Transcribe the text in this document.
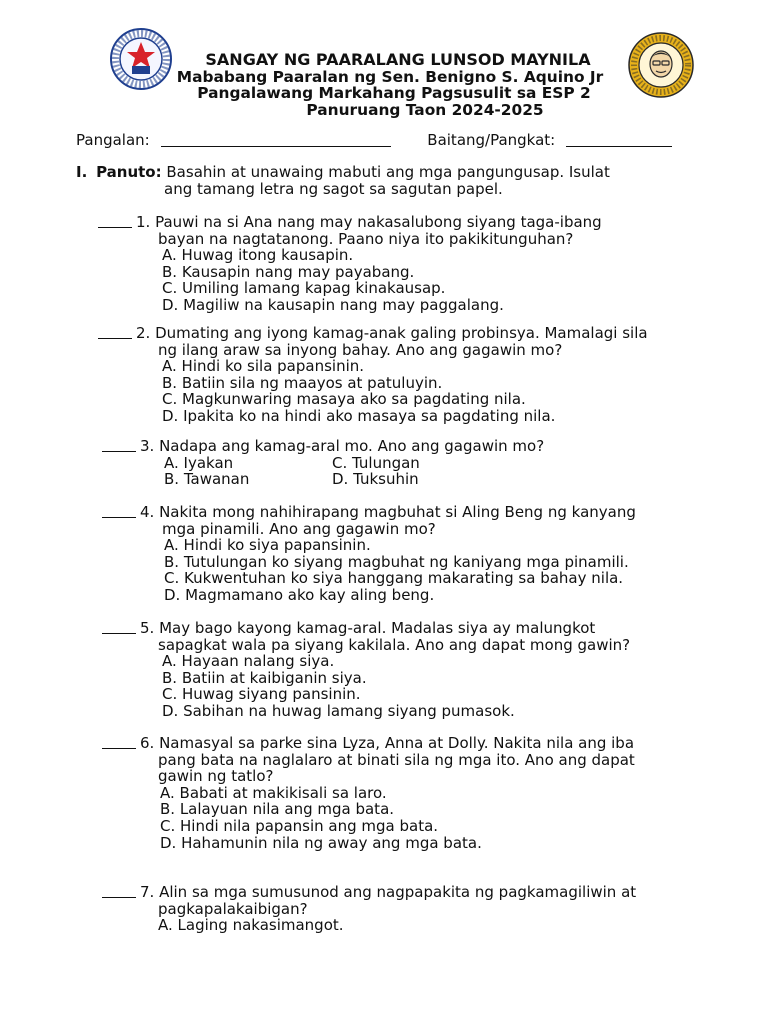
SANGAY NG PAARALANG LUNSOD MAYNILA
Mababang Paaralan ng Sen. Benigno S. Aquino Jr
Pangalawang Markahang Pagsusulit sa ESP 2
Panuruang Taon 2024-2025
Pangalan:	Baitang/Pangkat:
I. Panuto: Basahin at unawaing mabuti ang mga pangungusap. Isulat
ang tamang letra ng sagot sa sagutan papel.
1. Pauwi na si Ana nang may nakasalubong siyang taga-ibang
bayan na nagtatanong. Paano niya ito pakikitunguhan?
A. Huwag itong kausapin.
B. Kausapin nang may payabang.
C. Umiling lamang kapag kinakausap.
D. Magiliw na kausapin nang may paggalang.
2. Dumating ang iyong kamag-anak galing probinsya. Mamalagi sila
ng ilang araw sa inyong bahay. Ano ang gagawin mo?
A. Hindi ko sila papansinin.
B. Batiin sila ng maayos at patuluyin.
C. Magkunwaring masaya ako sa pagdating nila.
D. Ipakita ko na hindi ako masaya sa pagdating nila.
3. Nadapa ang kamag-aral mo. Ano ang gagawin mo?
A. Iyakan	C. Tulungan
B. Tawanan	D. Tuksuhin
4. Nakita mong nahihirapang magbuhat si Aling Beng ng kanyang
mga pinamili. Ano ang gagawin mo?
A. Hindi ko siya papansinin.
B. Tutulungan ko siyang magbuhat ng kaniyang mga pinamili.
C. Kukwentuhan ko siya hanggang makarating sa bahay nila.
D. Magmamano ako kay aling beng.
5. May bago kayong kamag-aral. Madalas siya ay malungkot
sapagkat wala pa siyang kakilala. Ano ang dapat mong gawin?
A. Hayaan nalang siya.
B. Batiin at kaibiganin siya.
C. Huwag siyang pansinin.
D. Sabihan na huwag lamang siyang pumasok.
6. Namasyal sa parke sina Lyza, Anna at Dolly. Nakita nila ang iba
pang bata na naglalaro at binati sila ng mga ito. Ano ang dapat
gawin ng tatlo?
A. Babati at makikisali sa laro.
B. Lalayuan nila ang mga bata.
C. Hindi nila papansin ang mga bata.
D. Hahamunin nila ng away ang mga bata.
7. Alin sa mga sumusunod ang nagpapakita ng pagkamagiliwin at
pagkapalakaibigan?
A. Laging nakasimangot.
